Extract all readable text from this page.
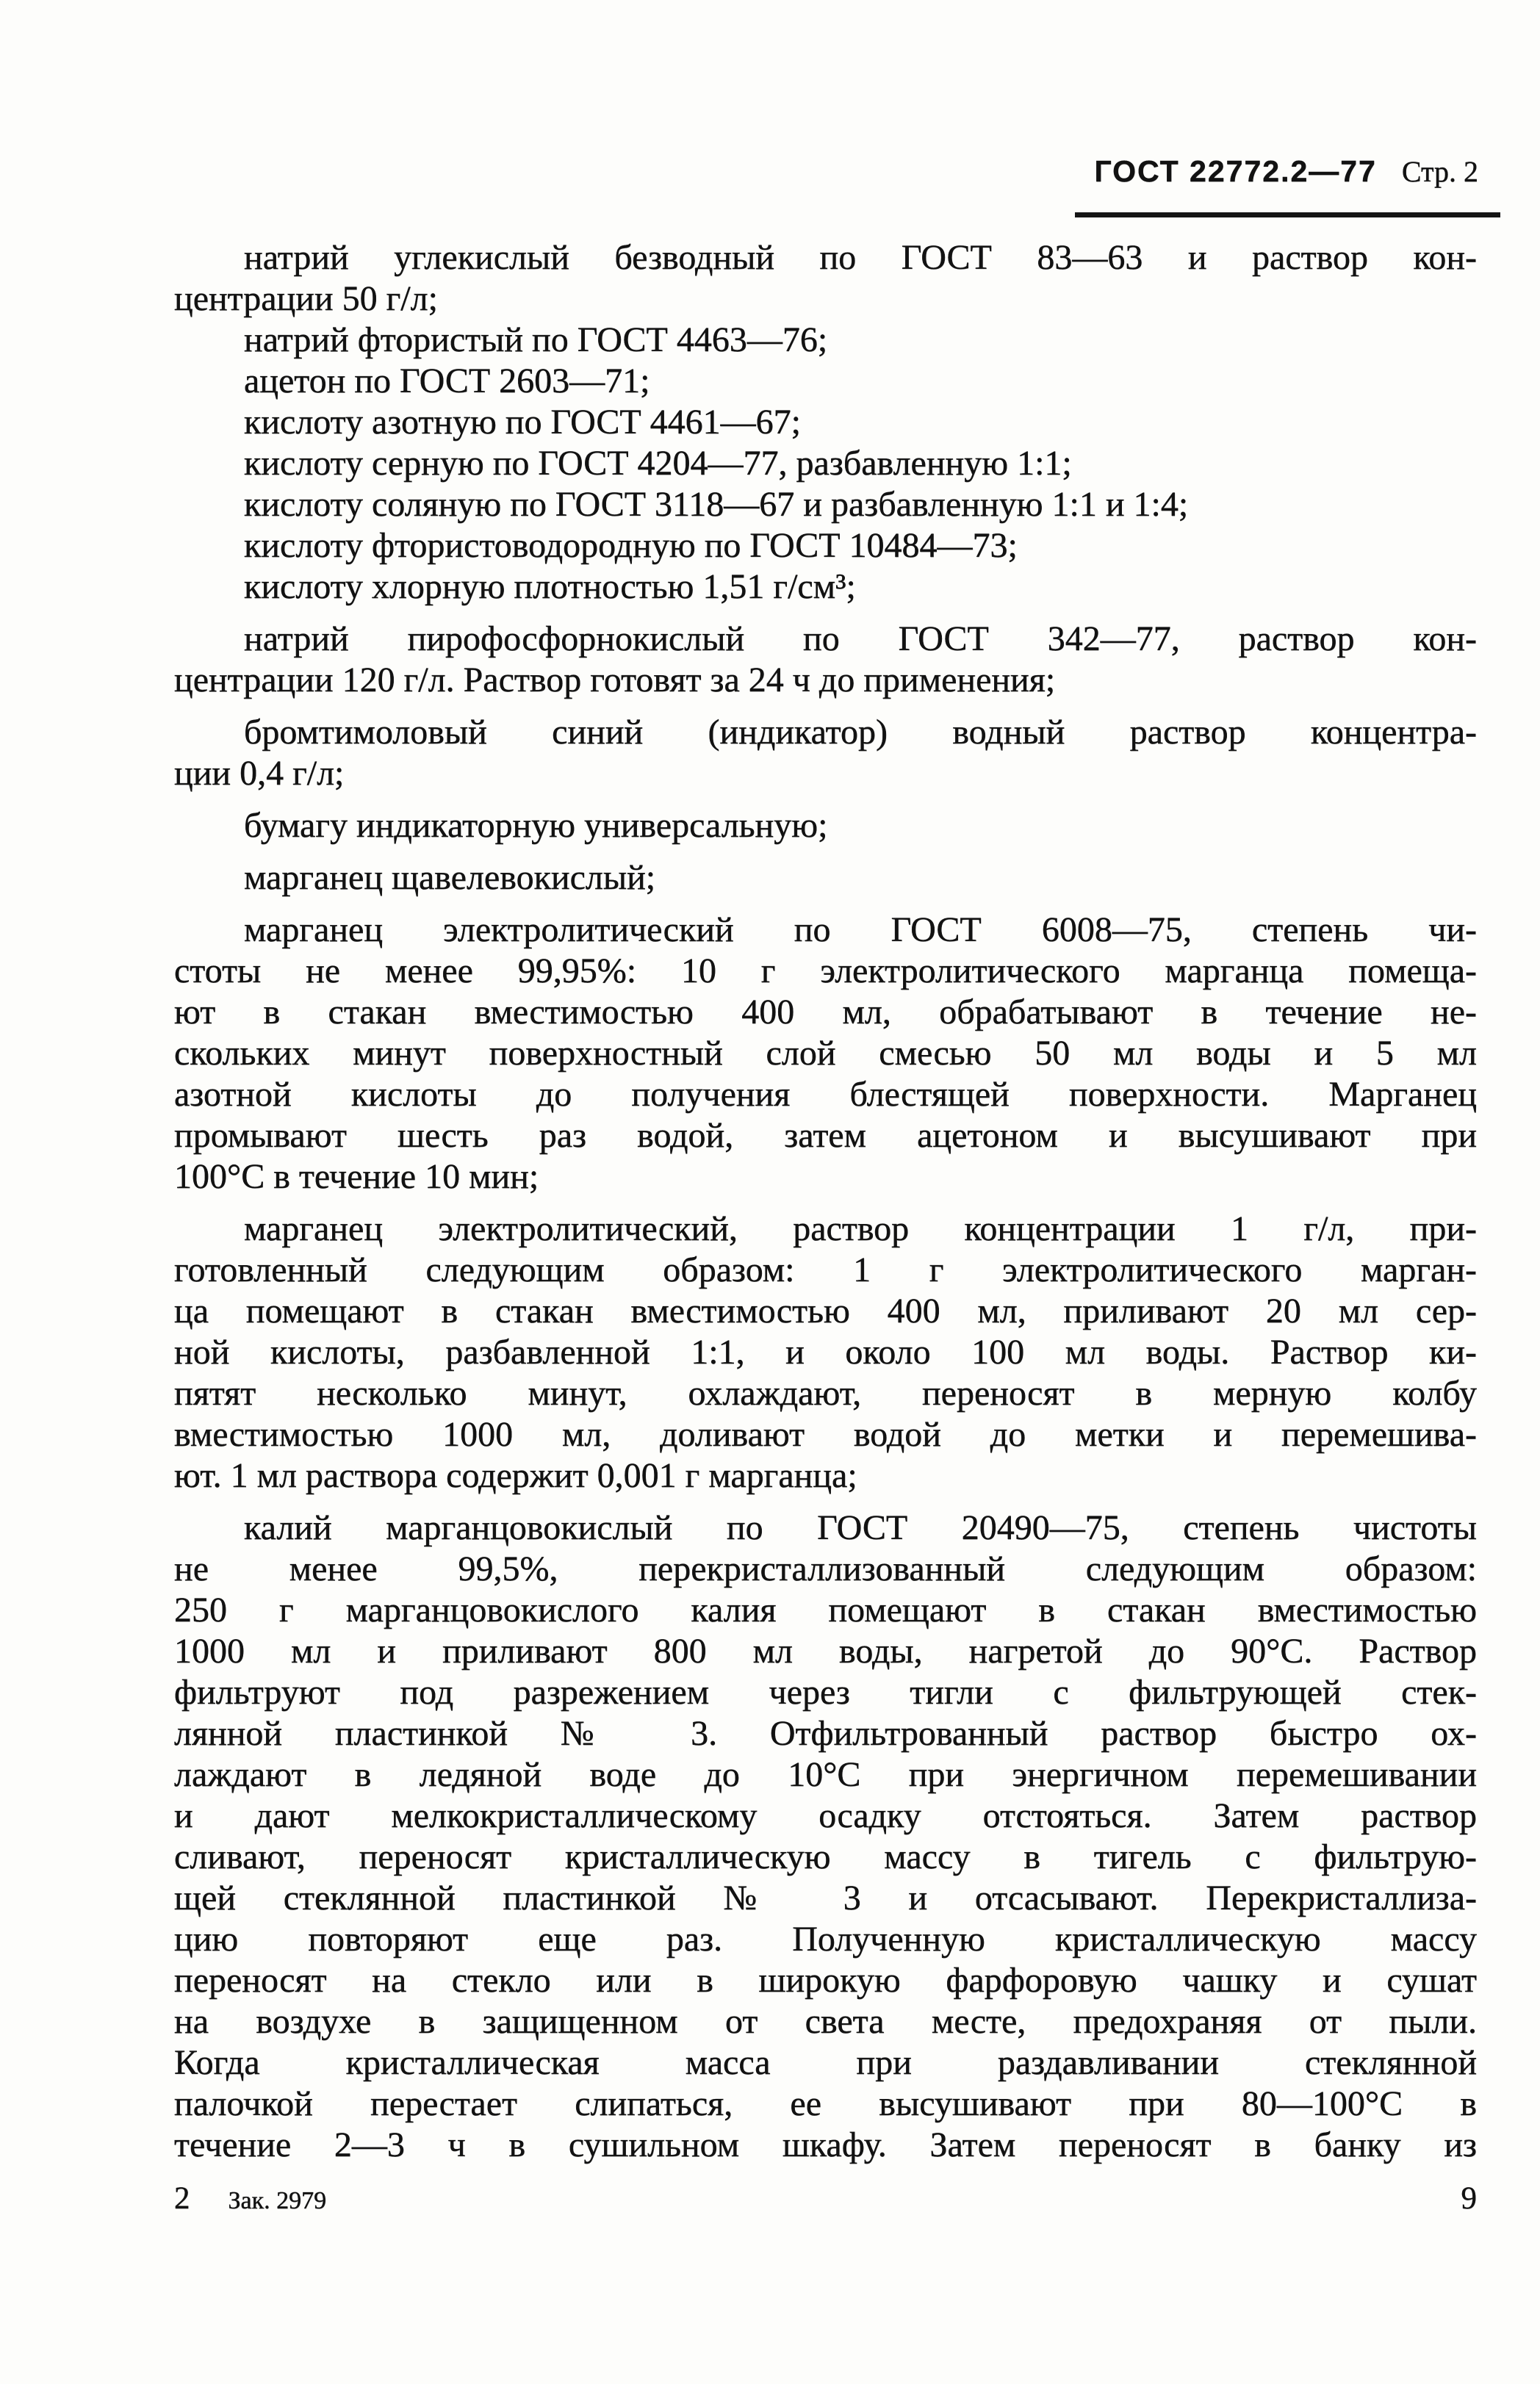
ГОСТ 22772.2—77 Стр. 2
натрий углекислый безводный по ГОСТ 83—63 и раствор кон-
центрации 50 г/л;
натрий фтористый по ГОСТ 4463—76;
ацетон по ГОСТ 2603—71;
кислоту азотную по ГОСТ 4461—67;
кислоту серную по ГОСТ 4204—77, разбавленную 1:1;
кислоту соляную по ГОСТ 3118—67 и разбавленную 1:1 и 1:4;
кислоту фтористоводородную по ГОСТ 10484—73;
кислоту хлорную плотностью 1,51 г/см³;
натрий пирофосфорнокислый по ГОСТ 342—77, раствор кон-
центрации 120 г/л. Раствор готовят за 24 ч до применения;
бромтимоловый синий (индикатор) водный раствор концентра-
ции 0,4 г/л;
бумагу индикаторную универсальную;
марганец щавелевокислый;
марганец электролитический по ГОСТ 6008—75, степень чи-
стоты не менее 99,95%: 10 г электролитического марганца помеща-
ют в стакан вместимостью 400 мл, обрабатывают в течение не-
скольких минут поверхностный слой смесью 50 мл воды и 5 мл
азотной кислоты до получения блестящей поверхности. Марганец
промывают шесть раз водой, затем ацетоном и высушивают при
100°С в течение 10 мин;
марганец электролитический, раствор концентрации 1 г/л, при-
готовленный следующим образом: 1 г электролитического марган-
ца помещают в стакан вместимостью 400 мл, приливают 20 мл сер-
ной кислоты, разбавленной 1:1, и около 100 мл воды. Раствор ки-
пятят несколько минут, охлаждают, переносят в мерную колбу
вместимостью 1000 мл, доливают водой до метки и перемешива-
ют. 1 мл раствора содержит 0,001 г марганца;
калий марганцовокислый по ГОСТ 20490—75, степень чистоты
не менее 99,5%, перекристаллизованный следующим образом:
250 г марганцовокислого калия помещают в стакан вместимостью
1000 мл и приливают 800 мл воды, нагретой до 90°С. Раствор
фильтруют под разрежением через тигли с фильтрующей стек-
лянной пластинкой № 3. Отфильтрованный раствор быстро ох-
лаждают в ледяной воде до 10°С при энергичном перемешивании
и дают мелкокристаллическому осадку отстояться. Затем раствор
сливают, переносят кристаллическую массу в тигель с фильтрую-
щей стеклянной пластинкой № 3 и отсасывают. Перекристаллиза-
цию повторяют еще раз. Полученную кристаллическую массу
переносят на стекло или в широкую фарфоровую чашку и сушат
на воздухе в защищенном от света месте, предохраняя от пыли.
Когда кристаллическая масса при раздавливании стеклянной
палочкой перестает слипаться, ее высушивают при 80—100°С в
течение 2—3 ч в сушильном шкафу. Затем переносят в банку из
2 Зак. 2979	9
